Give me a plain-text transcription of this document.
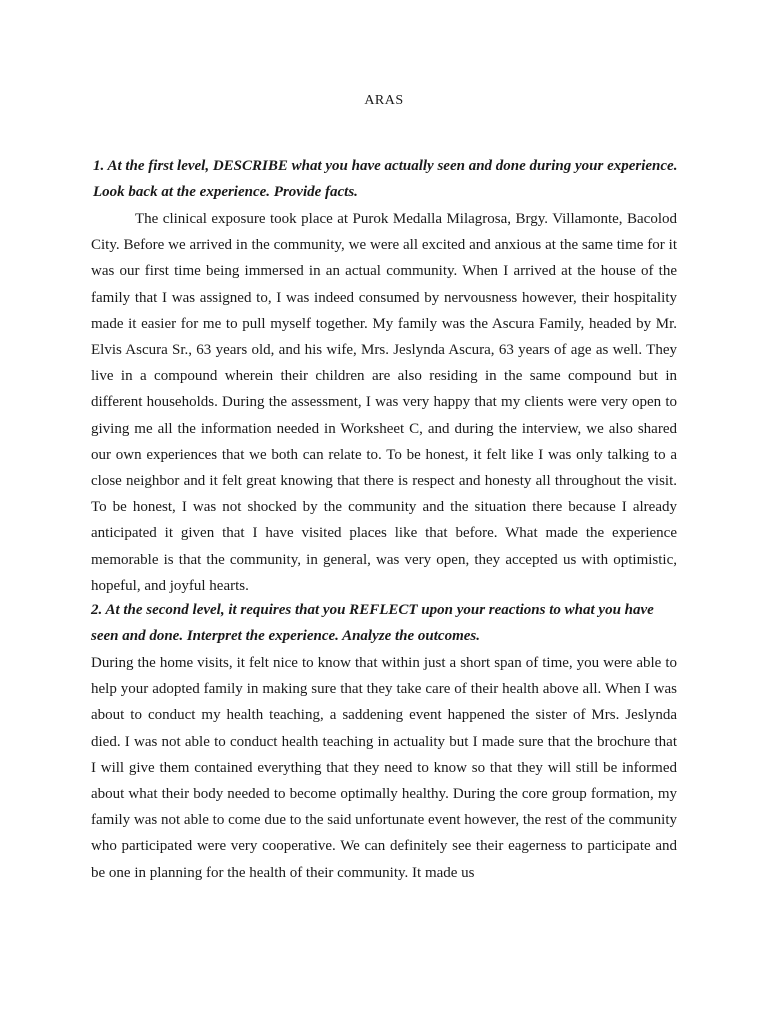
ARAS

1. At the first level, DESCRIBE what you have actually seen and done during your experience. Look back at the experience. Provide facts.

The clinical exposure took place at Purok Medalla Milagrosa, Brgy. Villamonte, Bacolod City. Before we arrived in the community, we were all excited and anxious at the same time for it was our first time being immersed in an actual community. When I arrived at the house of the family that I was assigned to, I was indeed consumed by nervousness however, their hospitality made it easier for me to pull myself together. My family was the Ascura Family, headed by Mr. Elvis Ascura Sr., 63 years old, and his wife, Mrs. Jeslynda Ascura, 63 years of age as well. They live in a compound wherein their children are also residing in the same compound but in different households. During the assessment, I was very happy that my clients were very open to giving me all the information needed in Worksheet C, and during the interview, we also shared our own experiences that we both can relate to. To be honest, it felt like I was only talking to a close neighbor and it felt great knowing that there is respect and honesty all throughout the visit. To be honest, I was not shocked by the community and the situation there because I already anticipated it given that I have visited places like that before. What made the experience memorable is that the community, in general, was very open, they accepted us with optimistic, hopeful, and joyful hearts.

2. At the second level, it requires that you REFLECT upon your reactions to what you have seen and done. Interpret the experience. Analyze the outcomes.

During the home visits, it felt nice to know that within just a short span of time, you were able to help your adopted family in making sure that they take care of their health above all. When I was about to conduct my health teaching, a saddening event happened the sister of Mrs. Jeslynda died. I was not able to conduct health teaching in actuality but I made sure that the brochure that I will give them contained everything that they need to know so that they will still be informed about what their body needed to become optimally healthy. During the core group formation, my family was not able to come due to the said unfortunate event however, the rest of the community who participated were very cooperative. We can definitely see their eagerness to participate and be one in planning for the health of their community. It made us
